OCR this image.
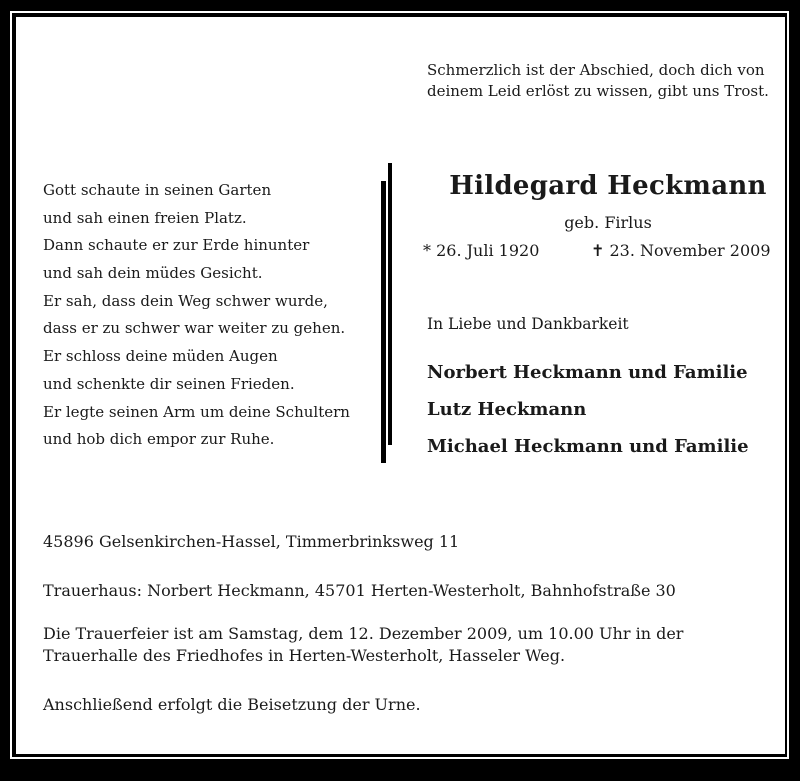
Schmerzlich ist der Abschied, doch dich von
deinem Leid erlöst zu wissen, gibt uns Trost.
Gott schaute in seinen Garten
und sah einen freien Platz.
Dann schaute er zur Erde hinunter
und sah dein müdes Gesicht.
Er sah, dass dein Weg schwer wurde,
dass er zu schwer war weiter zu gehen.
Er schloss deine müden Augen
und schenkte dir seinen Frieden.
Er legte seinen Arm um deine Schultern
und hob dich empor zur Ruhe.
Hildegard Heckmann
geb. Firlus
* 26. Juli 1920	✝ 23. November 2009
In Liebe und Dankbarkeit
Norbert Heckmann und Familie
Lutz Heckmann
Michael Heckmann und Familie
45896 Gelsenkirchen-Hassel, Timmerbrinksweg 11
Trauerhaus: Norbert Heckmann, 45701 Herten-Westerholt, Bahnhofstraße 30
Die Trauerfeier ist am Samstag, dem 12. Dezember 2009, um 10.00 Uhr in der
Trauerhalle des Friedhofes in Herten-Westerholt, Hasseler Weg.
Anschließend erfolgt die Beisetzung der Urne.
